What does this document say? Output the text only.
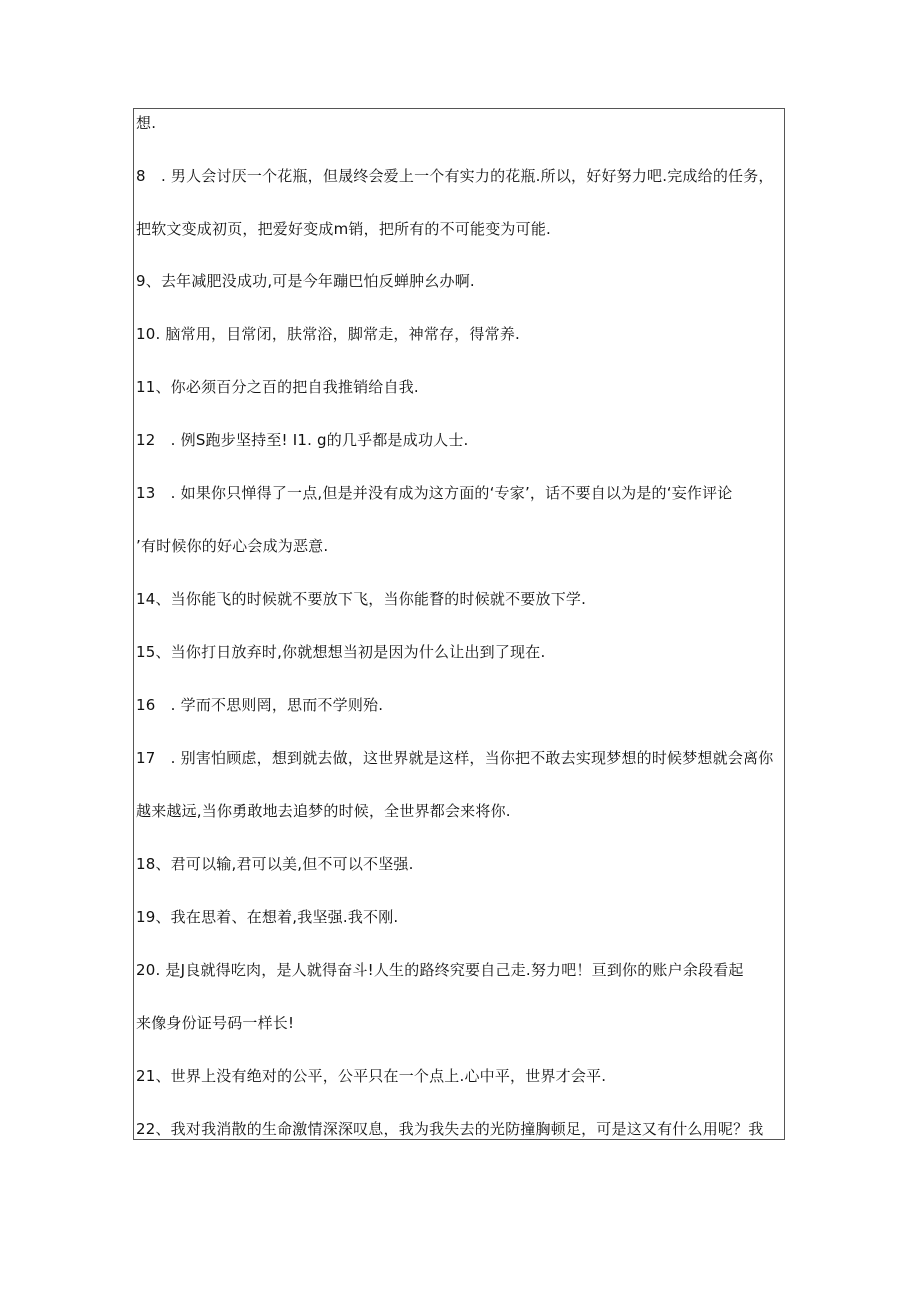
想.
8　. 男人会讨厌一个花瓶，但晟终会爱上一个有实力的花瓶.所以，好好努力吧.完成给的任务，
把软文变成初页，把爱好变成m销，把所有的不可能变为可能.
9、去年减肥没成功,可是今年蹦巴怕反蝉肿幺办啊.
10. 脑常用，目常闭，肤常浴，脚常走，神常存，得常养.
11、你必须百分之百的把自我推销给自我.
12　. 例S跑步坚持至! I1. g的几乎都是成功人士.
13　. 如果你只惮得了一点,但是并没有成为这方面的‘专家’，话不要自以为是的‘妄作评论
’有时候你的好心会成为恶意.
14、当你能飞的时候就不要放下飞，当你能瞀的时候就不要放下学.
15、当你打日放弃时,你就想想当初是因为什么让出到了现在.
16　. 学而不思则罔，思而不学则殆.
17　. 别害怕顾虑，想到就去做，这世界就是这样，当你把不敢去实现梦想的时候梦想就会离你
越来越远,当你勇敢地去追梦的时候，全世界都会来将你.
18、君可以输,君可以美,但不可以不坚强.
19、我在思着、在想着,我坚强.我不刚.
20. 是J良就得吃肉，是人就得奋斗!人生的路终究要自己走.努力吧！亘到你的账户余段看起
来像身份证号码一样长!
21、世界上没有绝对的公平，公平只在一个点上.心中平，世界才会平.
22、我对我消散的生命激情深深叹息，我为我失去的光防撞胸顿足，可是这又有什么用呢？我
